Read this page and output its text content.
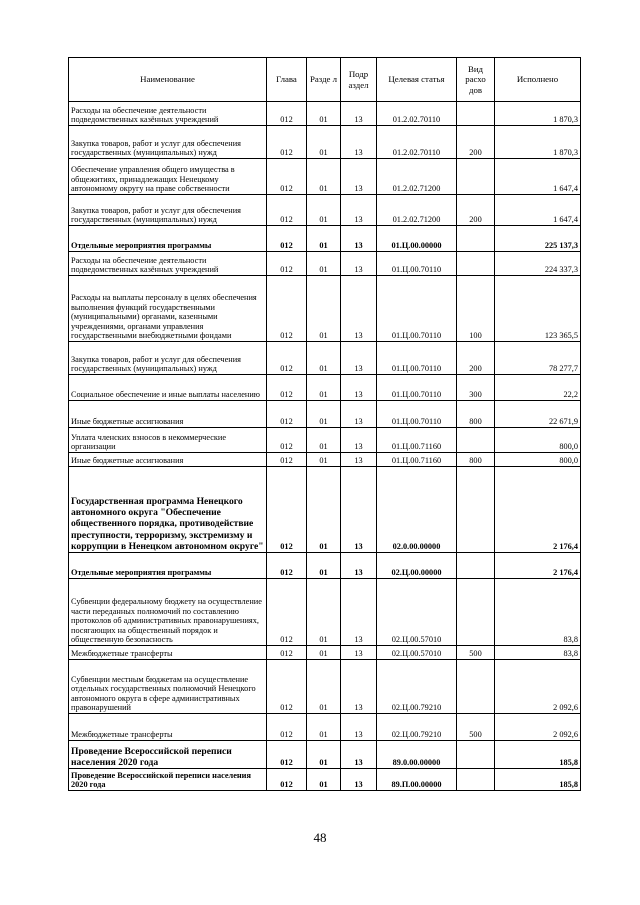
Наименование	Глава	Разде л	Подр аздел	Целевая статья	Вид расхо дов	Исполнено
Расходы на обеспечение деятельности подведомственных казённых учреждений	012	01	13	01.2.02.70110		1 870,3
Закупка товаров, работ и услуг для обеспечения государственных (муниципальных) нужд	012	01	13	01.2.02.70110	200	1 870,3
Обеспечение управления общего имущества в общежитиях, принадлежащих Ненецкому автономному округу на праве собственности	012	01	13	01.2.02.71200		1 647,4
Закупка товаров, работ и услуг для обеспечения государственных (муниципальных) нужд	012	01	13	01.2.02.71200	200	1 647,4
Отдельные мероприятия программы	012	01	13	01.Ц.00.00000		225 137,3
Расходы на обеспечение деятельности подведомственных казённых учреждений	012	01	13	01.Ц.00.70110		224 337,3
Расходы на выплаты персоналу в целях обеспечения выполнения функций государственными (муниципальными) органами, казенными учреждениями, органами управления государственными внебюджетными фондами	012	01	13	01.Ц.00.70110	100	123 365,5
Закупка товаров, работ и услуг для обеспечения государственных (муниципальных) нужд	012	01	13	01.Ц.00.70110	200	78 277,7
Социальное обеспечение и иные выплаты населению	012	01	13	01.Ц.00.70110	300	22,2
Иные бюджетные ассигнования	012	01	13	01.Ц.00.70110	800	22 671,9
Уплата членских взносов в некоммерческие организации	012	01	13	01.Ц.00.71160		800,0
Иные бюджетные ассигнования	012	01	13	01.Ц.00.71160	800	800,0
Государственная программа Ненецкого автономного округа "Обеспечение общественного порядка, противодействие преступности, терроризму, экстремизму и коррупции в Ненецком автономном округе"	012	01	13	02.0.00.00000		2 176,4
Отдельные мероприятия программы	012	01	13	02.Ц.00.00000		2 176,4
Субвенции федеральному бюджету на осуществление части переданных полномочий по составлению протоколов об административных правонарушениях, посягающих на общественный порядок и общественную безопасность	012	01	13	02.Ц.00.57010		83,8
Межбюджетные трансферты	012	01	13	02.Ц.00.57010	500	83,8
Субвенции местным бюджетам на осуществление отдельных государственных полномочий Ненецкого автономного округа в сфере административных правонарушений	012	01	13	02.Ц.00.79210		2 092,6
Межбюджетные трансферты	012	01	13	02.Ц.00.79210	500	2 092,6
Проведение Всероссийской переписи населения 2020 года	012	01	13	89.0.00.00000		185,8
Проведение Всероссийской переписи населения 2020 года	012	01	13	89.П.00.00000		185,8
48
